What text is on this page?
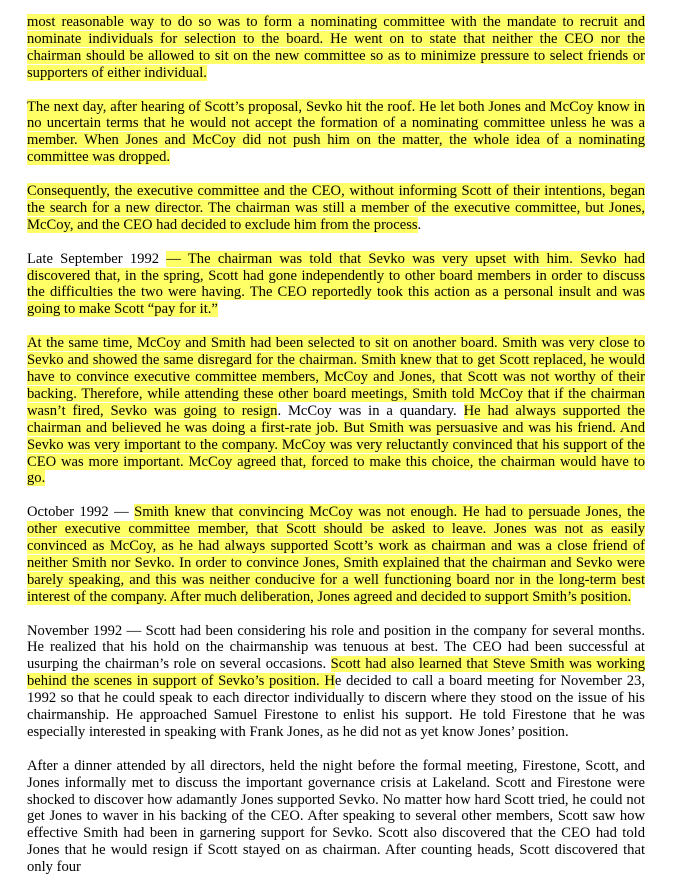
most reasonable way to do so was to form a nominating committee with the mandate to recruit and nominate individuals for selection to the board. He went on to state that neither the CEO nor the chairman should be allowed to sit on the new committee so as to minimize pressure to select friends or supporters of either individual.

The next day, after hearing of Scott’s proposal, Sevko hit the roof. He let both Jones and McCoy know in no uncertain terms that he would not accept the formation of a nominating committee unless he was a member. When Jones and McCoy did not push him on the matter, the whole idea of a nominating committee was dropped.

Consequently, the executive committee and the CEO, without informing Scott of their intentions, began the search for a new director. The chairman was still a member of the executive committee, but Jones, McCoy, and the CEO had decided to exclude him from the process.

Late September 1992 — The chairman was told that Sevko was very upset with him. Sevko had discovered that, in the spring, Scott had gone independently to other board members in order to discuss the difficulties the two were having. The CEO reportedly took this action as a personal insult and was going to make Scott “pay for it.”

At the same time, McCoy and Smith had been selected to sit on another board. Smith was very close to Sevko and showed the same disregard for the chairman. Smith knew that to get Scott replaced, he would have to convince executive committee members, McCoy and Jones, that Scott was not worthy of their backing. Therefore, while attending these other board meetings, Smith told McCoy that if the chairman wasn’t fired, Sevko was going to resign. McCoy was in a quandary. He had always supported the chairman and believed he was doing a first-rate job. But Smith was persuasive and was his friend. And Sevko was very important to the company. McCoy was very reluctantly convinced that his support of the CEO was more important. McCoy agreed that, forced to make this choice, the chairman would have to go.

October 1992 — Smith knew that convincing McCoy was not enough. He had to persuade Jones, the other executive committee member, that Scott should be asked to leave. Jones was not as easily convinced as McCoy, as he had always supported Scott’s work as chairman and was a close friend of neither Smith nor Sevko. In order to convince Jones, Smith explained that the chairman and Sevko were barely speaking, and this was neither conducive for a well functioning board nor in the long-term best interest of the company. After much deliberation, Jones agreed and decided to support Smith’s position.

November 1992 — Scott had been considering his role and position in the company for several months. He realized that his hold on the chairmanship was tenuous at best. The CEO had been successful at usurping the chairman’s role on several occasions. Scott had also learned that Steve Smith was working behind the scenes in support of Sevko’s position. He decided to call a board meeting for November 23, 1992 so that he could speak to each director individually to discern where they stood on the issue of his chairmanship. He approached Samuel Firestone to enlist his support. He told Firestone that he was especially interested in speaking with Frank Jones, as he did not as yet know Jones’ position.

After a dinner attended by all directors, held the night before the formal meeting, Firestone, Scott, and Jones informally met to discuss the important governance crisis at Lakeland. Scott and Firestone were shocked to discover how adamantly Jones supported Sevko. No matter how hard Scott tried, he could not get Jones to waver in his backing of the CEO. After speaking to several other members, Scott saw how effective Smith had been in garnering support for Sevko. Scott also discovered that the CEO had told Jones that he would resign if Scott stayed on as chairman. After counting heads, Scott discovered that only four
